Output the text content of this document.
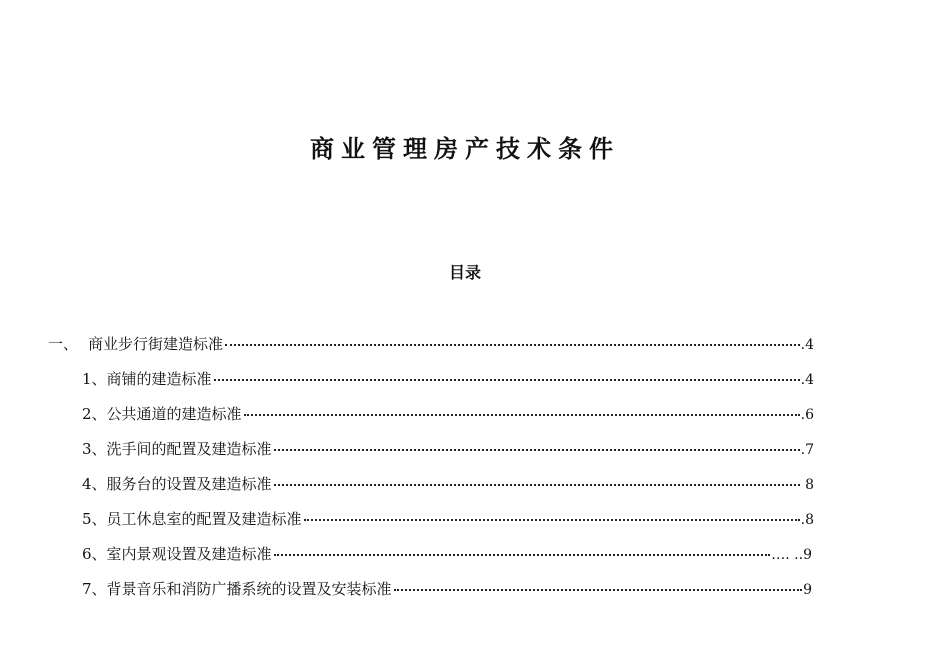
商业管理房产技术条件
目录
一、 商业步行街建造标准	.4
1、 商铺的建造标准	.4
2、 公共通道的建造标准	.6
3、 洗手间的配置及建造标准	.7
4、 服务台的设置及建造标准	8
5、 员工休息室的配置及建造标准	.8
6、 室内景观设置及建造标准	…. ..9
7、 背景音乐和消防广播系统的设置及安装标准	9
